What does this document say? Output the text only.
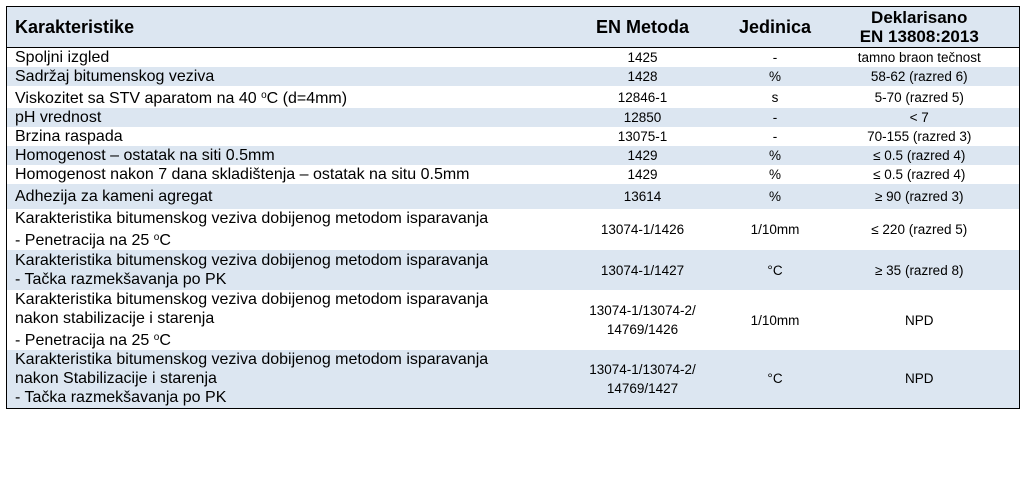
Karakteristike	EN Metoda	Jedinica	Deklarisano
EN 13808:2013

Spoljni izgled	1425	-	tamno braon tečnost

Sadržaj bitumenskog veziva	1428	%	58-62 (razred 6)

Viskozitet sa STV aparatom na 40 $^o$C (d=4mm)	12846-1	s	5-70 (razred 5)

pH vrednost	12850	-	< 7

Brzina raspada	13075-1	-	70-155 (razred 3)

Homogenost – ostatak na siti 0.5mm	1429	%	≤ 0.5 (razred 4)

Homogenost nakon 7 dana skladištenja – ostatak na situ 0.5mm	1429	%	≤ 0.5 (razred 4)

Adhezija za kameni agregat	13614	%	≥ 90 (razred 3)

Karakteristika bitumenskog veziva dobijenog metodom isparavanja
- Penetracija na 25 $^o$C	13074-1/1426	1/10mm	≤ 220 (razred 5)

Karakteristika bitumenskog veziva dobijenog metodom isparavanja
- Tačka razmekšavanja po PK	13074-1/1427	°C	≥ 35 (razred 8)

Karakteristika bitumenskog veziva dobijenog metodom isparavanja
nakon stabilizacije i starenja
- Penetracija na 25 $^o$C	13074-1/13074-2/
14769/1426	1/10mm	NPD

Karakteristika bitumenskog veziva dobijenog metodom isparavanja
nakon Stabilizacije i starenja
- Tačka razmekšavanja po PK	13074-1/13074-2/
14769/1427	°C	NPD
